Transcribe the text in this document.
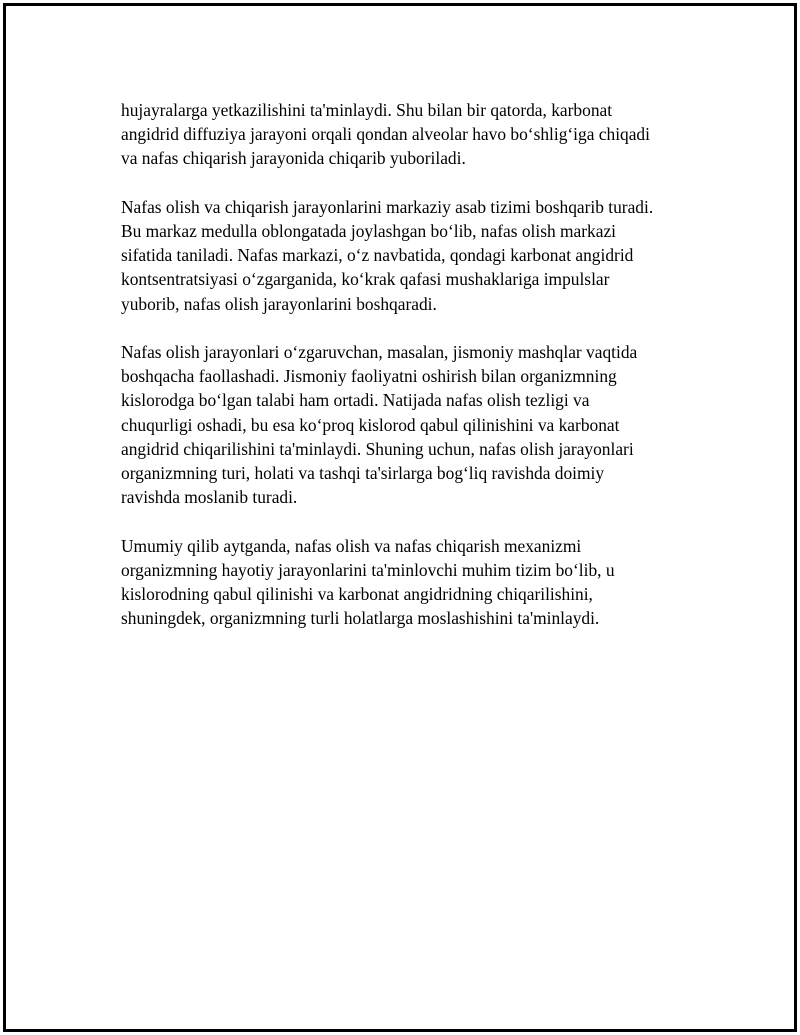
hujayralarga yetkazilishini ta'minlaydi. Shu bilan bir qatorda, karbonat
angidrid diffuziya jarayoni orqali qondan alveolar havo bo‘shlig‘iga chiqadi
va nafas chiqarish jarayonida chiqarib yuboriladi.

Nafas olish va chiqarish jarayonlarini markaziy asab tizimi boshqarib turadi.
Bu markaz medulla oblongatada joylashgan bo‘lib, nafas olish markazi
sifatida taniladi. Nafas markazi, o‘z navbatida, qondagi karbonat angidrid
kontsentratsiyasi o‘zgarganida, ko‘krak qafasi mushaklariga impulslar
yuborib, nafas olish jarayonlarini boshqaradi.

Nafas olish jarayonlari o‘zgaruvchan, masalan, jismoniy mashqlar vaqtida
boshqacha faollashadi. Jismoniy faoliyatni oshirish bilan organizmning
kislorodga bo‘lgan talabi ham ortadi. Natijada nafas olish tezligi va
chuqurligi oshadi, bu esa ko‘proq kislorod qabul qilinishini va karbonat
angidrid chiqarilishini ta'minlaydi. Shuning uchun, nafas olish jarayonlari
organizmning turi, holati va tashqi ta'sirlarga bog‘liq ravishda doimiy
ravishda moslanib turadi.

Umumiy qilib aytganda, nafas olish va nafas chiqarish mexanizmi
organizmning hayotiy jarayonlarini ta'minlovchi muhim tizim bo‘lib, u
kislorodning qabul qilinishi va karbonat angidridning chiqarilishini,
shuningdek, organizmning turli holatlarga moslashishini ta'minlaydi.
